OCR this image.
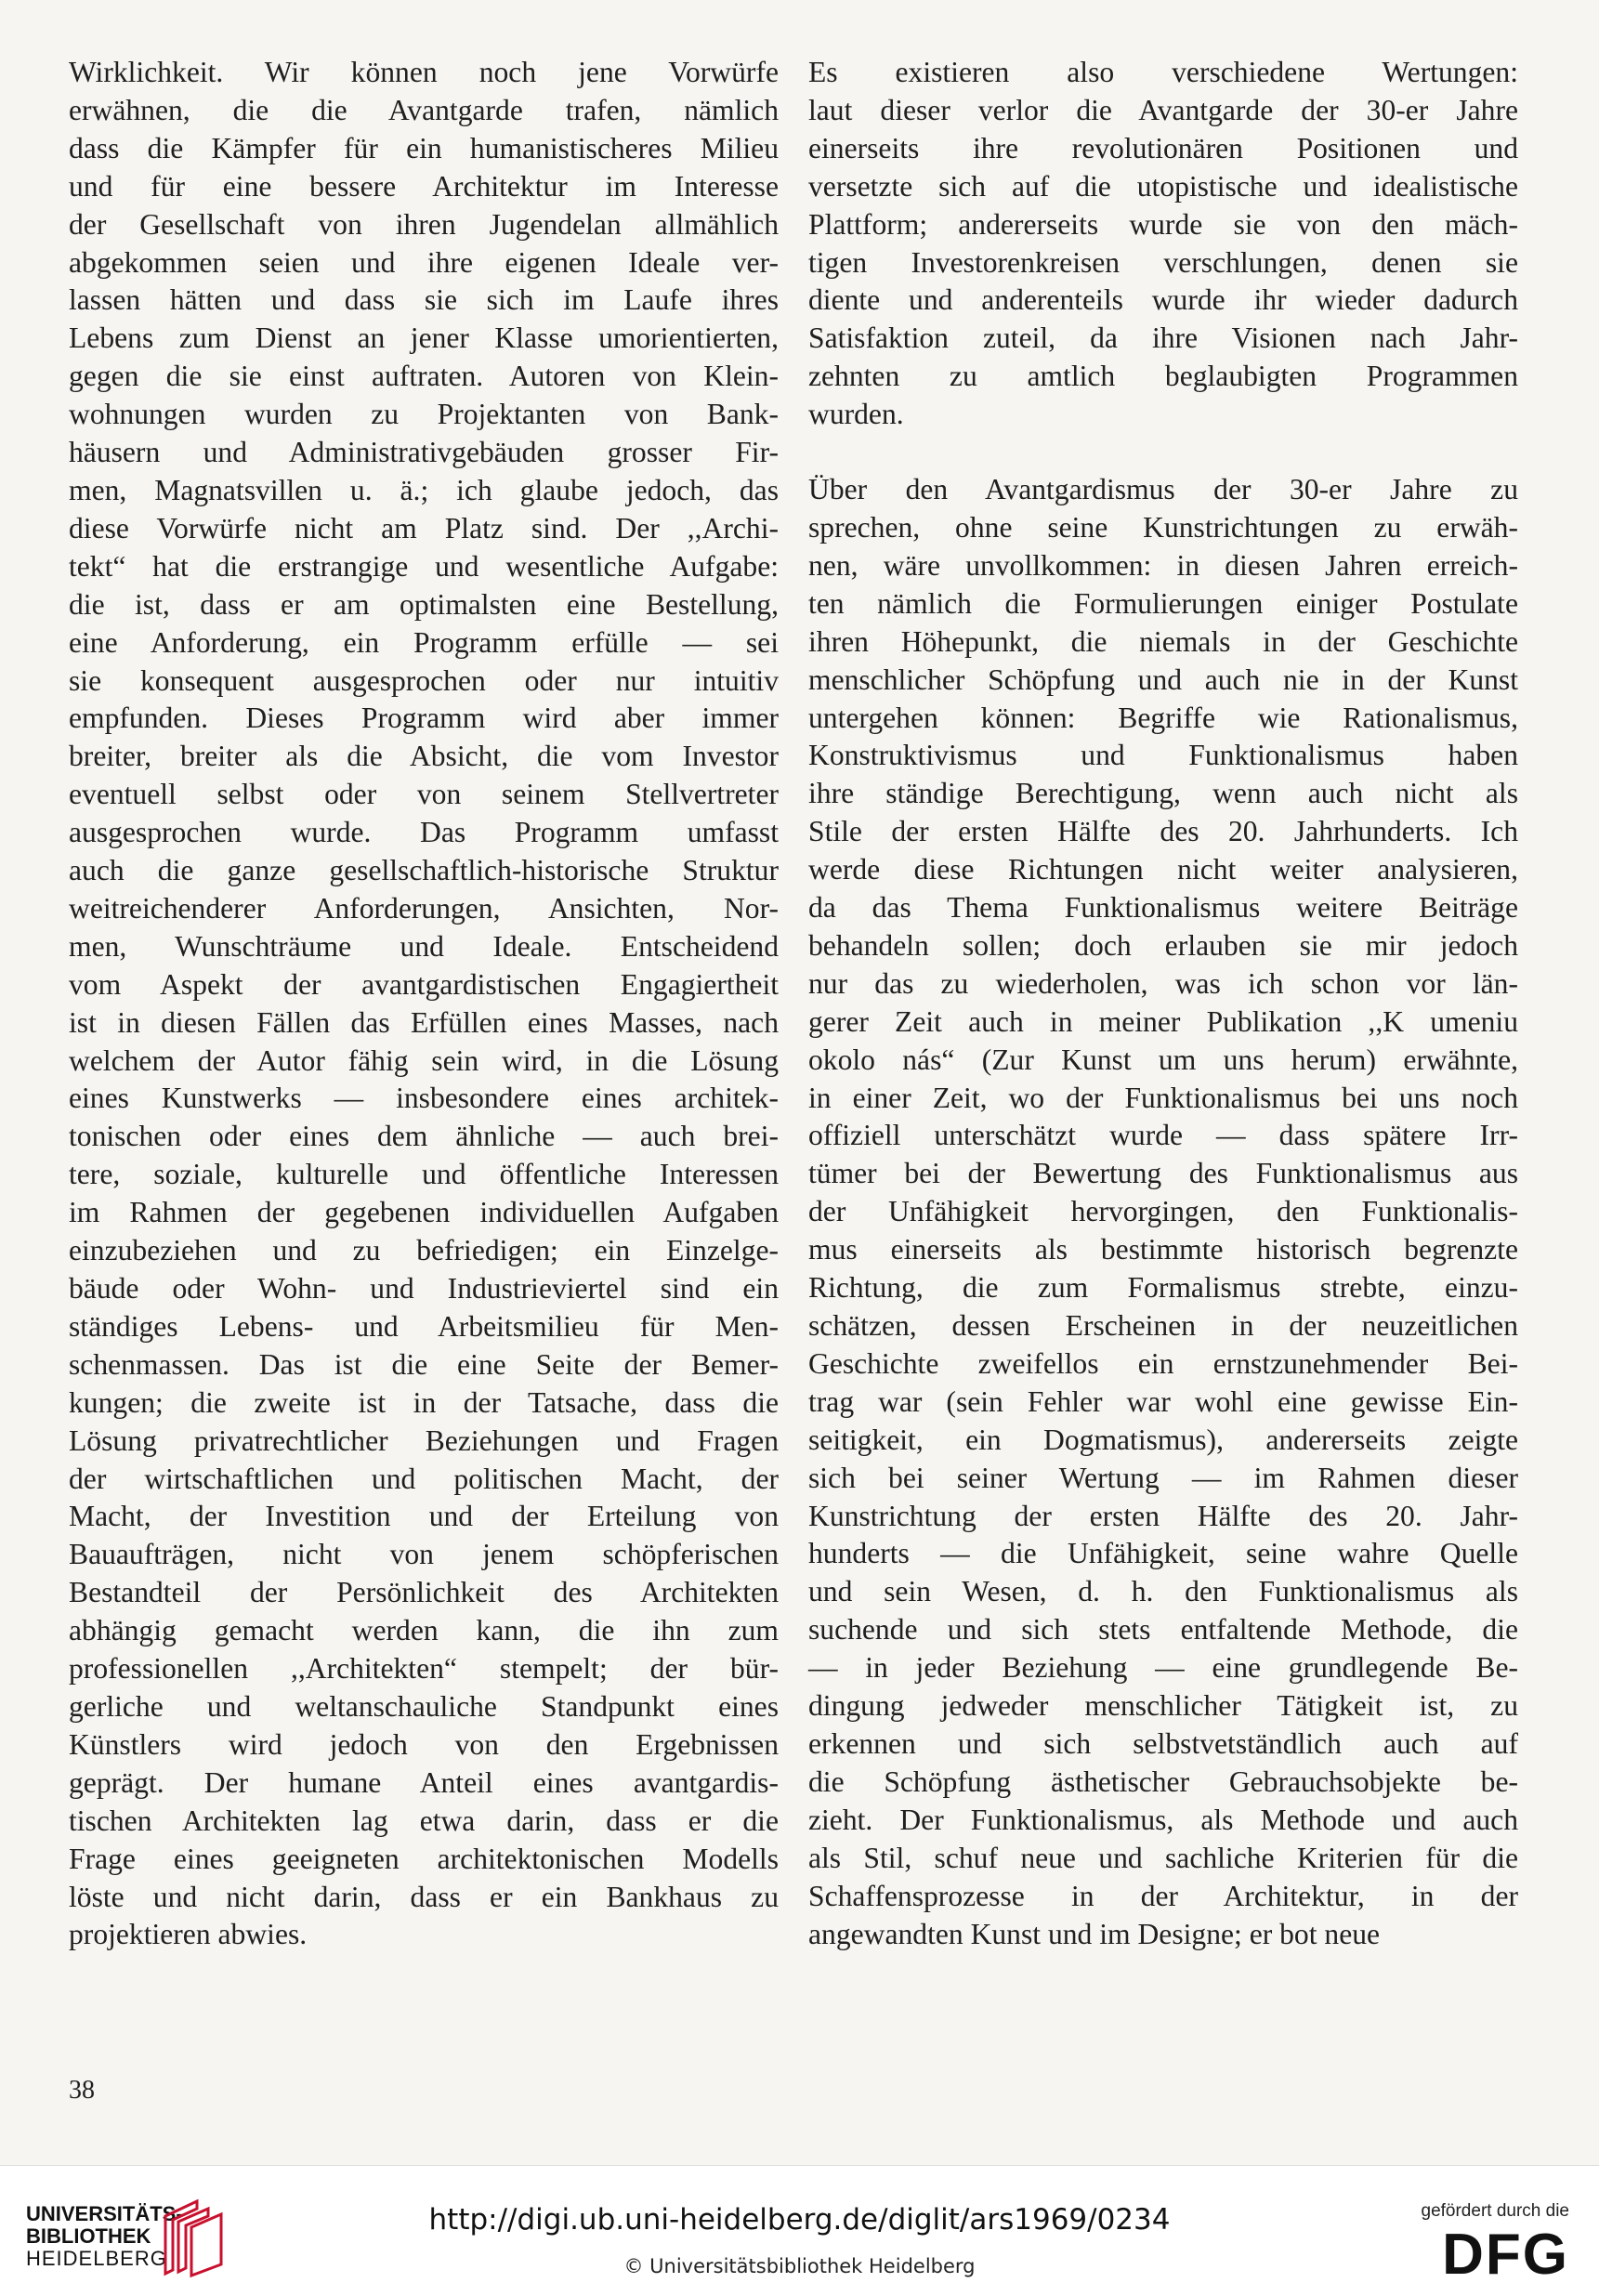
Wirklichkeit. Wir können noch jene Vorwürfe
erwähnen, die die Avantgarde trafen, nämlich
dass die Kämpfer für ein humanistischeres Milieu
und für eine bessere Architektur im Interesse
der Gesellschaft von ihren Jugendelan allmählich
abgekommen seien und ihre eigenen Ideale ver-
lassen hätten und dass sie sich im Laufe ihres
Lebens zum Dienst an jener Klasse umorientierten,
gegen die sie einst auftraten. Autoren von Klein-
wohnungen wurden zu Projektanten von Bank-
häusern und Administrativgebäuden grosser Fir-
men, Magnatsvillen u. ä.; ich glaube jedoch, das
diese Vorwürfe nicht am Platz sind. Der ,,Archi-
tekt“ hat die erstrangige und wesentliche Aufgabe:
die ist, dass er am optimalsten eine Bestellung,
eine Anforderung, ein Programm erfülle — sei
sie konsequent ausgesprochen oder nur intuitiv
empfunden. Dieses Programm wird aber immer
breiter, breiter als die Absicht, die vom Investor
eventuell selbst oder von seinem Stellvertreter
ausgesprochen wurde. Das Programm umfasst
auch die ganze gesellschaftlich-historische Struktur
weitreichenderer Anforderungen, Ansichten, Nor-
men, Wunschträume und Ideale. Entscheidend
vom Aspekt der avantgardistischen Engagiertheit
ist in diesen Fällen das Erfüllen eines Masses, nach
welchem der Autor fähig sein wird, in die Lösung
eines Kunstwerks — insbesondere eines architek-
tonischen oder eines dem ähnliche — auch brei-
tere, soziale, kulturelle und öffentliche Interessen
im Rahmen der gegebenen individuellen Aufgaben
einzubeziehen und zu befriedigen; ein Einzelge-
bäude oder Wohn- und Industrieviertel sind ein
ständiges Lebens- und Arbeitsmilieu für Men-
schenmassen. Das ist die eine Seite der Bemer-
kungen; die zweite ist in der Tatsache, dass die
Lösung privatrechtlicher Beziehungen und Fragen
der wirtschaftlichen und politischen Macht, der
Macht, der Investition und der Erteilung von
Bauaufträgen, nicht von jenem schöpferischen
Bestandteil der Persönlichkeit des Architekten
abhängig gemacht werden kann, die ihn zum
professionellen ,,Architekten“ stempelt; der bür-
gerliche und weltanschauliche Standpunkt eines
Künstlers wird jedoch von den Ergebnissen
geprägt. Der humane Anteil eines avantgardis-
tischen Architekten lag etwa darin, dass er die
Frage eines geeigneten architektonischen Modells
löste und nicht darin, dass er ein Bankhaus zu
projektieren abwies.
Es existieren also verschiedene Wertungen:
laut dieser verlor die Avantgarde der 30-er Jahre
einerseits ihre revolutionären Positionen und
versetzte sich auf die utopistische und idealistische
Plattform; andererseits wurde sie von den mäch-
tigen Investorenkreisen verschlungen, denen sie
diente und anderenteils wurde ihr wieder dadurch
Satisfaktion zuteil, da ihre Visionen nach Jahr-
zehnten zu amtlich beglaubigten Programmen
wurden.
Über den Avantgardismus der 30-er Jahre zu
sprechen, ohne seine Kunstrichtungen zu erwäh-
nen, wäre unvollkommen: in diesen Jahren erreich-
ten nämlich die Formulierungen einiger Postulate
ihren Höhepunkt, die niemals in der Geschichte
menschlicher Schöpfung und auch nie in der Kunst
untergehen können: Begriffe wie Rationalismus,
Konstruktivismus und Funktionalismus haben
ihre ständige Berechtigung, wenn auch nicht als
Stile der ersten Hälfte des 20. Jahrhunderts. Ich
werde diese Richtungen nicht weiter analysieren,
da das Thema Funktionalismus weitere Beiträge
behandeln sollen; doch erlauben sie mir jedoch
nur das zu wiederholen, was ich schon vor län-
gerer Zeit auch in meiner Publikation ,,K umeniu
okolo nás“ (Zur Kunst um uns herum) erwähnte,
in einer Zeit, wo der Funktionalismus bei uns noch
offiziell unterschätzt wurde — dass spätere Irr-
tümer bei der Bewertung des Funktionalismus aus
der Unfähigkeit hervorgingen, den Funktionalis-
mus einerseits als bestimmte historisch begrenzte
Richtung, die zum Formalismus strebte, einzu-
schätzen, dessen Erscheinen in der neuzeitlichen
Geschichte zweifellos ein ernstzunehmender Bei-
trag war (sein Fehler war wohl eine gewisse Ein-
seitigkeit, ein Dogmatismus), andererseits zeigte
sich bei seiner Wertung — im Rahmen dieser
Kunstrichtung der ersten Hälfte des 20. Jahr-
hunderts — die Unfähigkeit, seine wahre Quelle
und sein Wesen, d. h. den Funktionalismus als
suchende und sich stets entfaltende Methode, die
— in jeder Beziehung — eine grundlegende Be-
dingung jedweder menschlicher Tätigkeit ist, zu
erkennen und sich selbstvetständlich auch auf
die Schöpfung ästhetischer Gebrauchsobjekte be-
zieht. Der Funktionalismus, als Methode und auch
als Stil, schuf neue und sachliche Kriterien für die
Schaffensprozesse in der Architektur, in der
angewandten Kunst und im Designe; er bot neue
38
UNIVERSITÄTS-
BIBLIOTHEK
HEIDELBERG
http://digi.ub.uni-heidelberg.de/diglit/ars1969/0234
© Universitätsbibliothek Heidelberg
gefördert durch die
DFG
